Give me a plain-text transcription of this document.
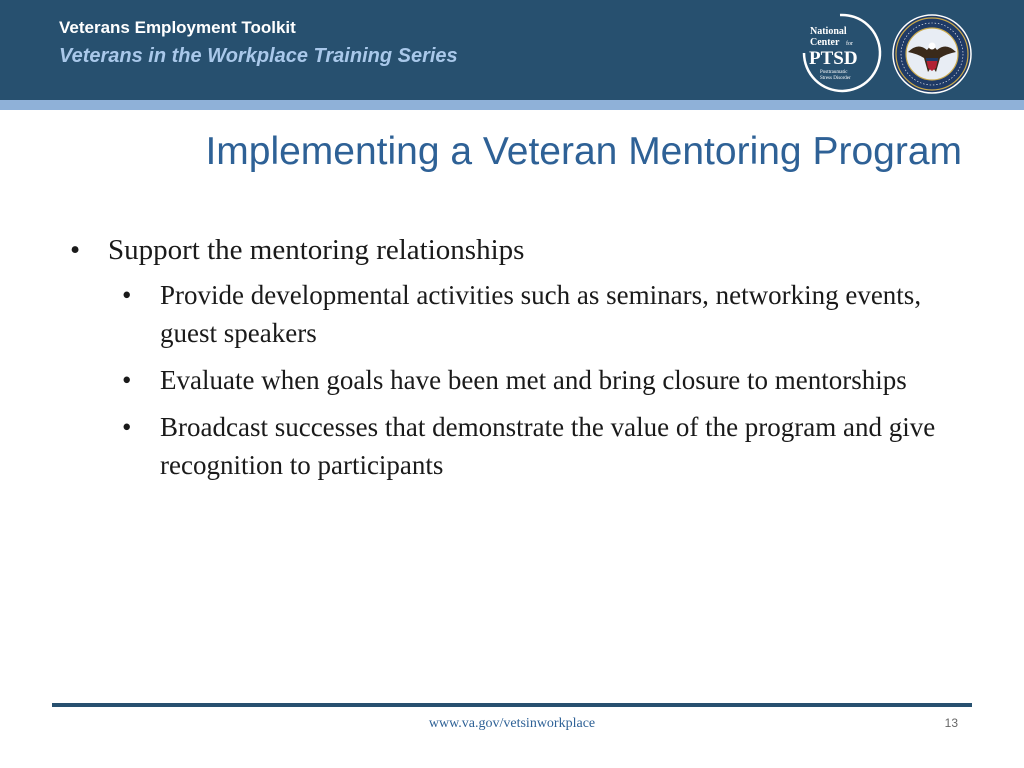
Veterans Employment Toolkit
Veterans in the Workplace Training Series
National
Center for
PTSD
Posttraumatic
Stress Disorder
Implementing a Veteran Mentoring Program
• Support the mentoring relationships
• Provide developmental activities such as seminars, networking events, guest speakers
• Evaluate when goals have been met and bring closure to mentorships
• Broadcast successes that demonstrate the value of the program and give recognition to participants
www.va.gov/vetsinworkplace	13
